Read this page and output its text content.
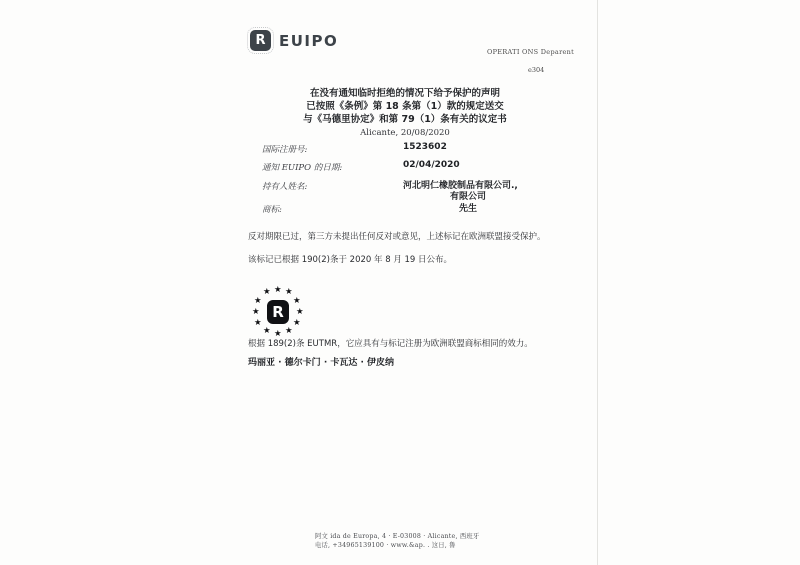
R EUIPO
OPERATI ONS Deparent
e304
在没有通知临时拒绝的情况下给予保护的声明
已按照《条例》第 18 条第（1）款的规定送交
与《马德里协定》和第 79（1）条有关的议定书
Alicante, 20/08/2020
国际注册号:	1523602
通知 EUIPO 的日期:	02/04/2020
持有人姓名:	河北明仁橡胶制品有限公司.,
有限公司
商标:	先生
反对期限已过，第三方未提出任何反对或意见，上述标记在欧洲联盟接受保护。
该标记已根据 190(2)条于 2020 年 8 月 19 日公布。
★
★
★
★
★
★
★
★
★
★
★
★
R
根据 189(2)条 EUTMR，它应具有与标记注册为欧洲联盟商标相同的效力。
玛丽亚 · 德尔卡门 · 卡瓦达 · 伊皮纳
阿文 ida de Europa, 4 · E-03008 · Alicante, 西班牙
电话, +34965139100 · www.&ap. . 这日, 鲁
